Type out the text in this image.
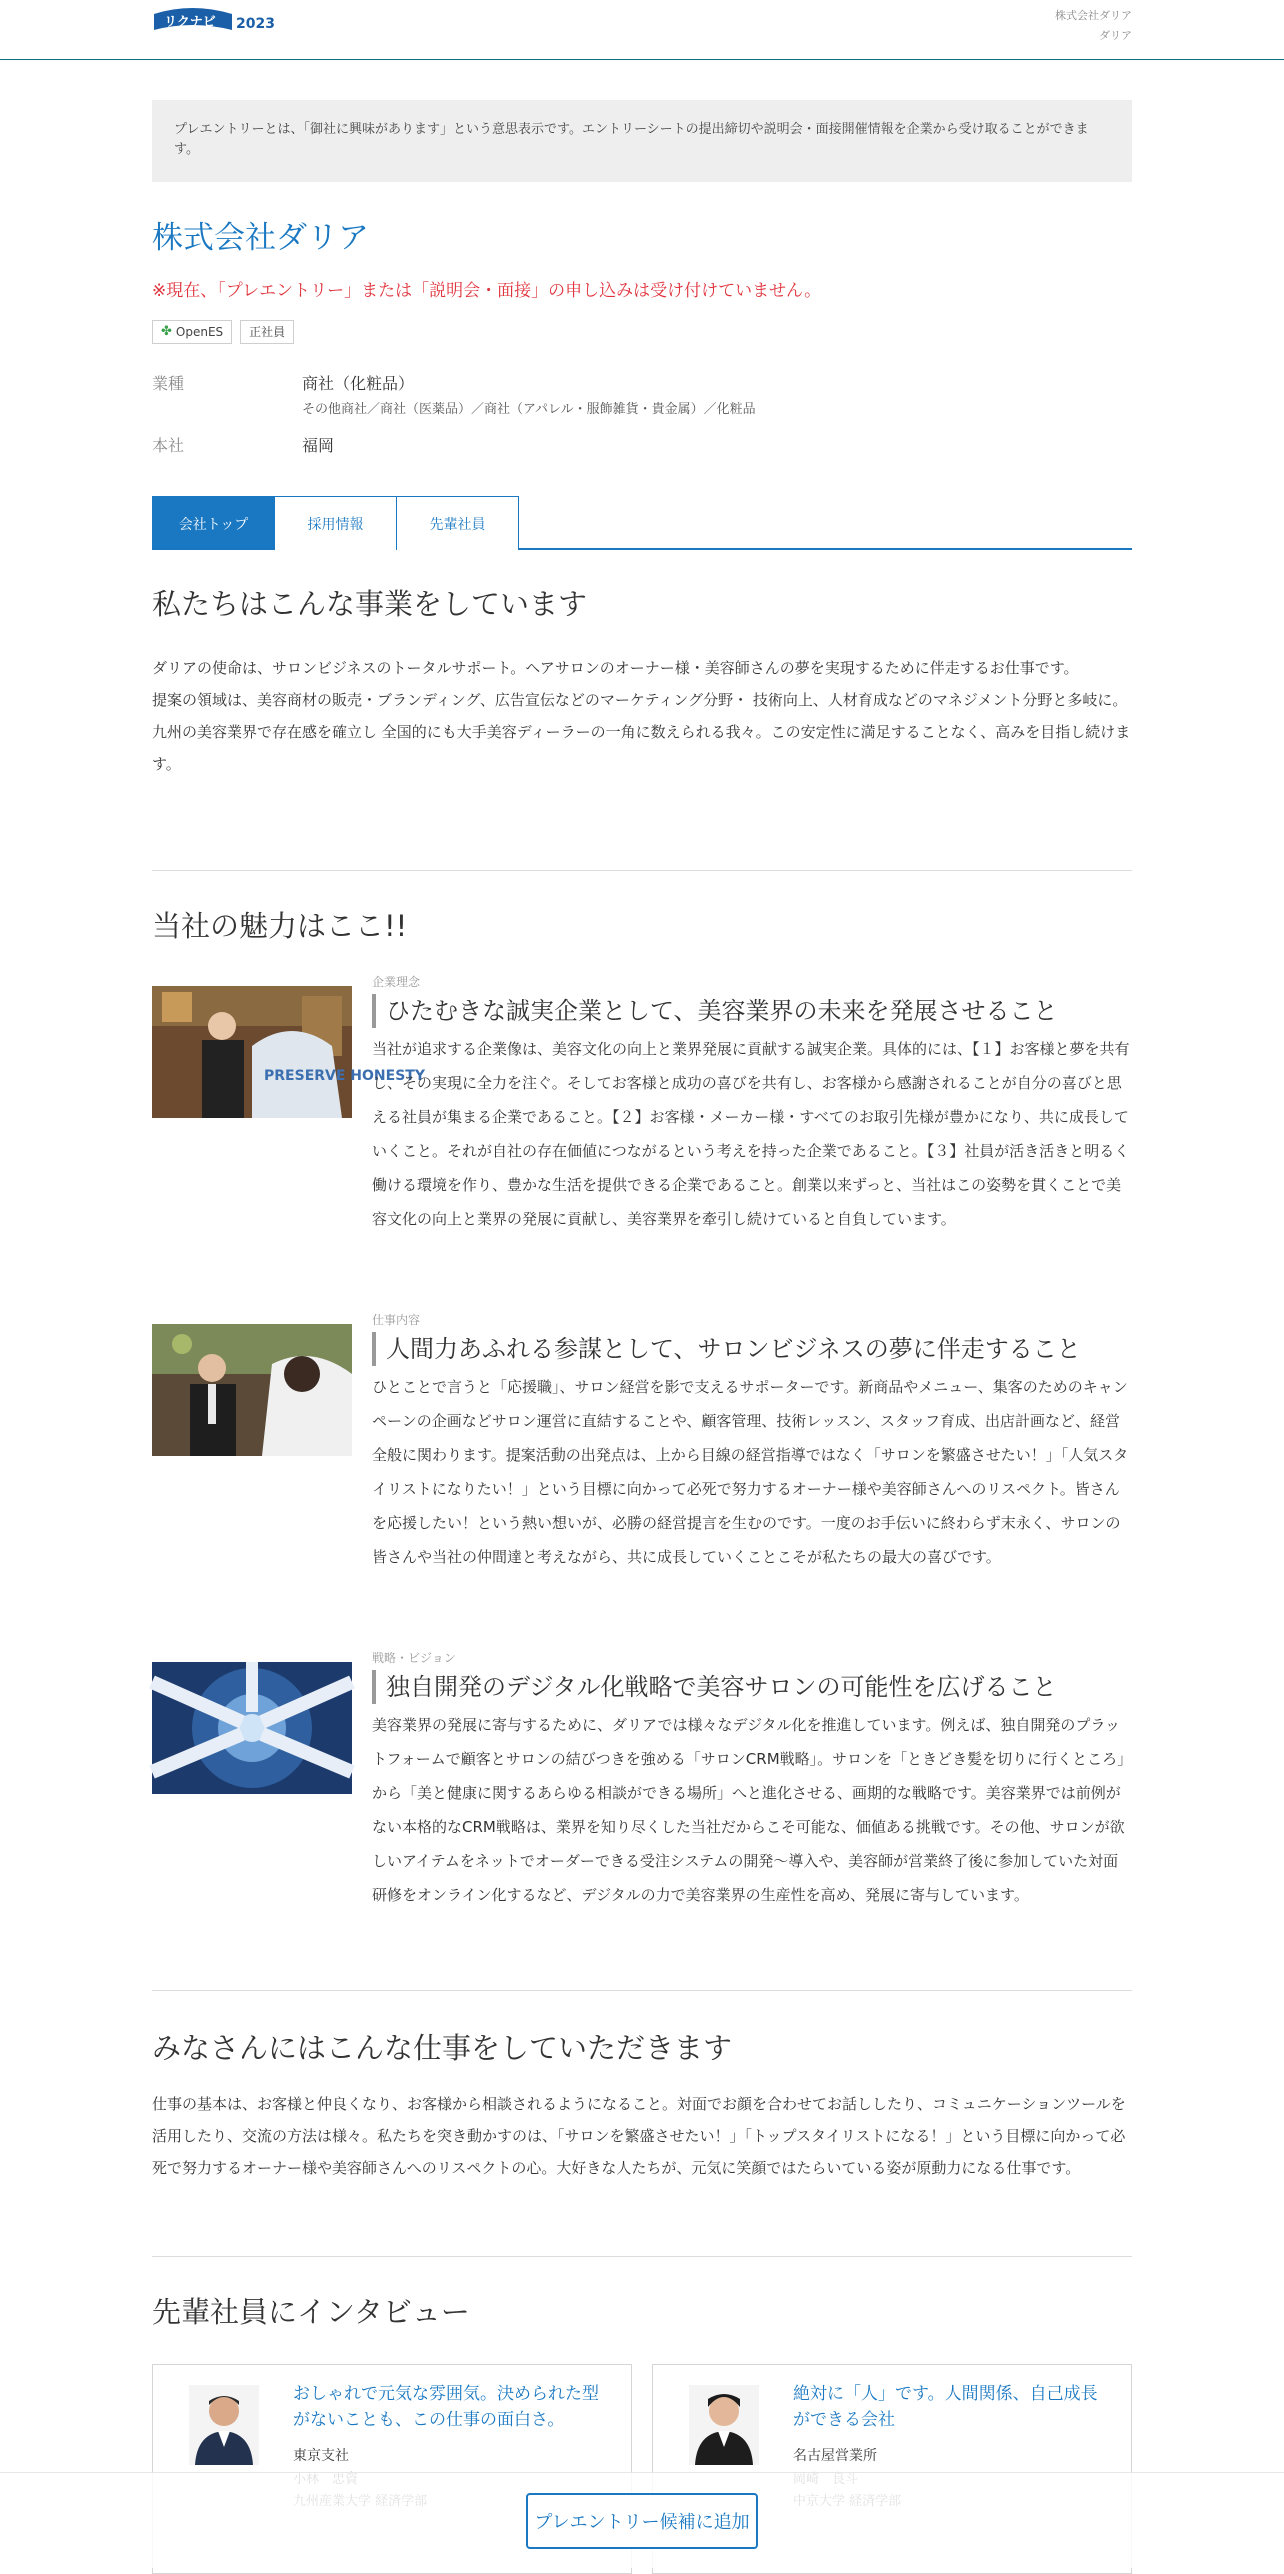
リクナビ 2023
株式会社ダリア
ダリア
プレエントリーとは、「御社に興味があります」という意思表示です。エントリーシートの提出締切や説明会・面接開催情報を企業から受け取ることができます。
株式会社ダリア
※現在、「プレエントリー」または「説明会・面接」の申し込みは受け付けていません。
✤ OpenES 正社員
業種	商社（化粧品）
その他商社／商社（医薬品）／商社（アパレル・服飾雑貨・貴金属）／化粧品
本社	福岡
会社トップ	採用情報	先輩社員
私たちはこんな事業をしています

ダリアの使命は、サロンビジネスのトータルサポート。ヘアサロンのオーナー様・美容師さんの夢を実現するために伴走するお仕事です。

提案の領域は、美容商材の販売・ブランディング、広告宣伝などのマーケティング分野・ 技術向上、人材育成などのマネジメント分野と多岐に。

九州の美容業界で存在感を確立し 全国的にも大手美容ディーラーの一角に数えられる我々。この安定性に満足することなく、高みを目指し続けます。

当社の魅力はここ!!
PRESERVE HONESTY
企業理念
ひたむきな誠実企業として、美容業界の未来を発展させること
当社が追求する企業像は、美容文化の向上と業界発展に貢献する誠実企業。具体的には、【１】お客様と夢を共有し、その実現に全力を注ぐ。そしてお客様と成功の喜びを共有し、お客様から感謝されることが自分の喜びと思える社員が集まる企業であること。【２】お客様・メーカー様・すべてのお取引先様が豊かになり、共に成長していくこと。それが自社の存在価値につながるという考えを持った企業であること。【３】社員が活き活きと明るく働ける環境を作り、豊かな生活を提供できる企業であること。創業以来ずっと、当社はこの姿勢を貫くことで美容文化の向上と業界の発展に貢献し、美容業界を牽引し続けていると自負しています。
仕事内容
人間力あふれる参謀として、サロンビジネスの夢に伴走すること
ひとことで言うと「応援職」、サロン経営を影で支えるサポーターです。新商品やメニュー、集客のためのキャンペーンの企画などサロン運営に直結することや、顧客管理、技術レッスン、スタッフ育成、出店計画など、経営全般に関わります。提案活動の出発点は、上から目線の経営指導ではなく「サロンを繁盛させたい！」「人気スタイリストになりたい！」という目標に向かって必死で努力するオーナー様や美容師さんへのリスペクト。皆さんを応援したい！という熱い想いが、必勝の経営提言を生むのです。一度のお手伝いに終わらず末永く、サロンの皆さんや当社の仲間達と考えながら、共に成長していくことこそが私たちの最大の喜びです。
戦略・ビジョン
独自開発のデジタル化戦略で美容サロンの可能性を広げること
美容業界の発展に寄与するために、ダリアでは様々なデジタル化を推進しています。例えば、独自開発のプラットフォームで顧客とサロンの結びつきを強める「サロンCRM戦略」。サロンを「ときどき髪を切りに行くところ」から「美と健康に関するあらゆる相談ができる場所」へと進化させる、画期的な戦略です。美容業界では前例がない本格的なCRM戦略は、業界を知り尽くした当社だからこそ可能な、価値ある挑戦です。その他、サロンが欲しいアイテムをネットでオーダーできる受注システムの開発～導入や、美容師が営業終了後に参加していた対面研修をオンライン化するなど、デジタルの力で美容業界の生産性を高め、発展に寄与しています。
みなさんにはこんな仕事をしていただきます
仕事の基本は、お客様と仲良くなり、お客様から相談されるようになること。対面でお顔を合わせてお話ししたり、コミュニケーションツールを活用したり、交流の方法は様々。私たちを突き動かすのは、「サロンを繁盛させたい！」「トップスタイリストになる！」という目標に向かって必死で努力するオーナー様や美容師さんへのリスペクトの心。大好きな人たちが、元気に笑顔ではたらいている姿が原動力になる仕事です。
先輩社員にインタビュー
おしゃれで元気な雰囲気。決められた型がないことも、この仕事の面白さ。
東京支社
絶対に「人」です。人間関係、自己成長ができる会社
名古屋営業所
プレエントリー候補に追加
